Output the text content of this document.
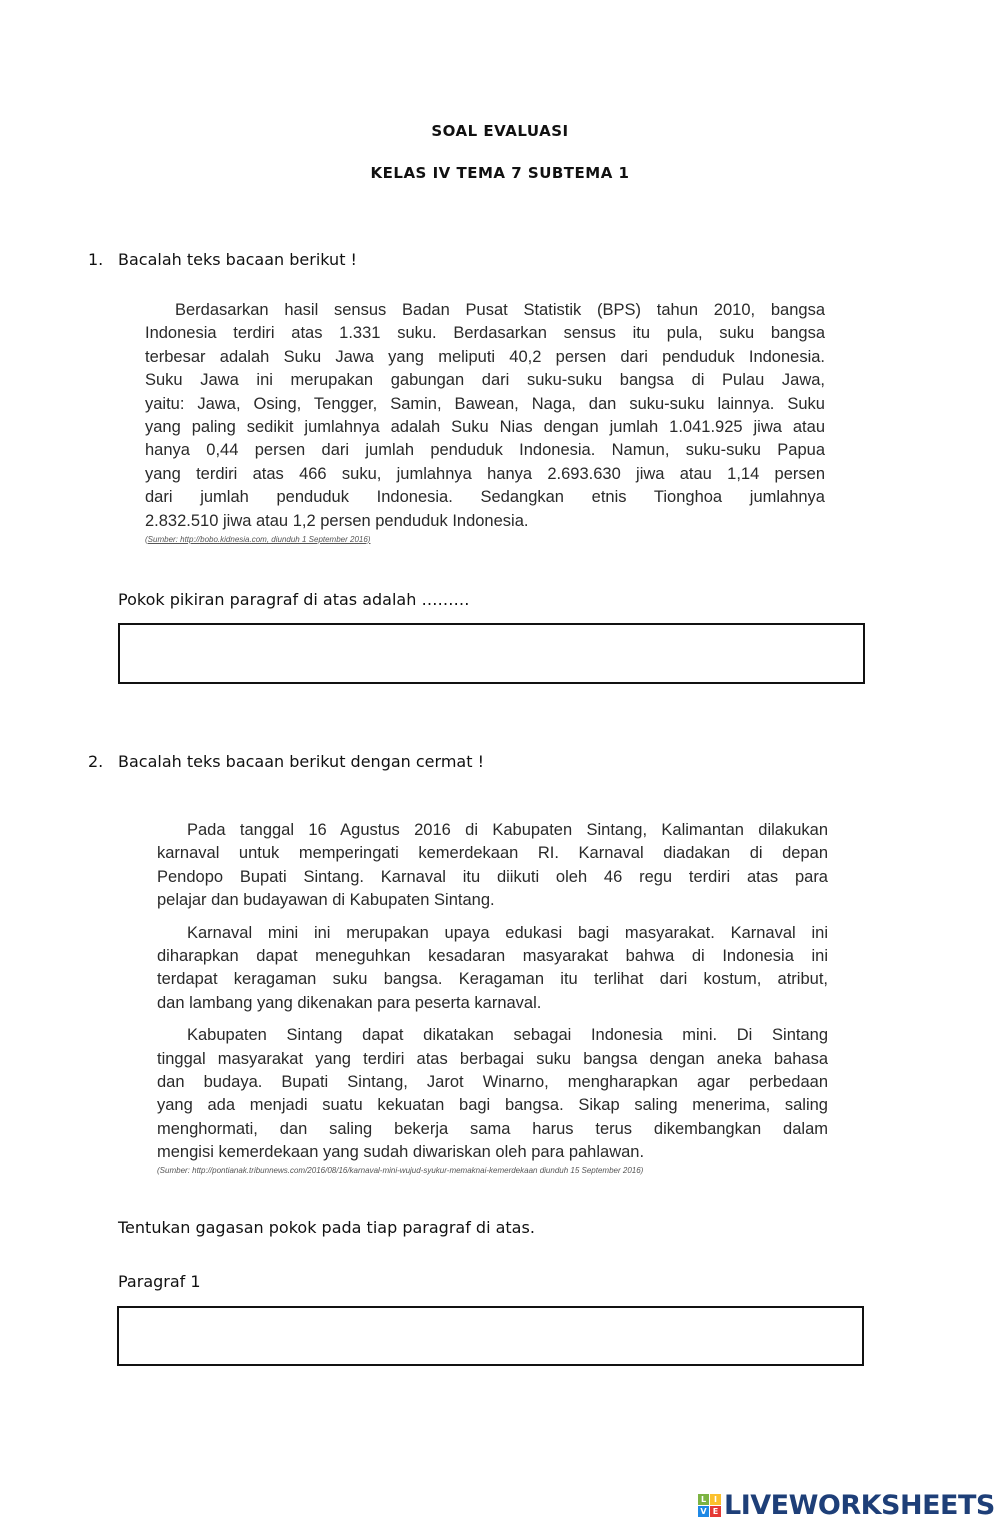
SOAL EVALUASI
KELAS IV TEMA 7 SUBTEMA 1
1. Bacalah teks bacaan berikut !
Berdasarkan hasil sensus Badan Pusat Statistik (BPS) tahun 2010, bangsa
Indonesia terdiri atas 1.331 suku. Berdasarkan sensus itu pula, suku bangsa
terbesar adalah Suku Jawa yang meliputi 40,2 persen dari penduduk Indonesia.
Suku Jawa ini merupakan gabungan dari suku-suku bangsa di Pulau Jawa,
yaitu: Jawa, Osing, Tengger, Samin, Bawean, Naga, dan suku-suku lainnya. Suku
yang paling sedikit jumlahnya adalah Suku Nias dengan jumlah 1.041.925 jiwa atau
hanya 0,44 persen dari jumlah penduduk Indonesia. Namun, suku-suku Papua
yang terdiri atas 466 suku, jumlahnya hanya 2.693.630 jiwa atau 1,14 persen
dari jumlah penduduk Indonesia. Sedangkan etnis Tionghoa jumlahnya
2.832.510 jiwa atau 1,2 persen penduduk Indonesia.
(Sumber: http://bobo.kidnesia.com, diunduh 1 September 2016)
Pokok pikiran paragraf di atas adalah ………
2. Bacalah teks bacaan berikut dengan cermat !
Pada tanggal 16 Agustus 2016 di Kabupaten Sintang, Kalimantan dilakukan
karnaval untuk memperingati kemerdekaan RI. Karnaval diadakan di depan
Pendopo Bupati Sintang. Karnaval itu diikuti oleh 46 regu terdiri atas para
pelajar dan budayawan di Kabupaten Sintang.
Karnaval mini ini merupakan upaya edukasi bagi masyarakat. Karnaval ini
diharapkan dapat meneguhkan kesadaran masyarakat bahwa di Indonesia ini
terdapat keragaman suku bangsa. Keragaman itu terlihat dari kostum, atribut,
dan lambang yang dikenakan para peserta karnaval.
Kabupaten Sintang dapat dikatakan sebagai Indonesia mini. Di Sintang
tinggal masyarakat yang terdiri atas berbagai suku bangsa dengan aneka bahasa
dan budaya. Bupati Sintang, Jarot Winarno, mengharapkan agar perbedaan
yang ada menjadi suatu kekuatan bagi bangsa. Sikap saling menerima, saling
menghormati, dan saling bekerja sama harus terus dikembangkan dalam
mengisi kemerdekaan yang sudah diwariskan oleh para pahlawan.
(Sumber: http://pontianak.tribunnews.com/2016/08/16/karnaval-mini-wujud-syukur-memaknai-kemerdekaan diunduh 15 September 2016)
Tentukan gagasan pokok pada tiap paragraf di atas.
Paragraf 1
L I
V E LIVEWORKSHEETS
